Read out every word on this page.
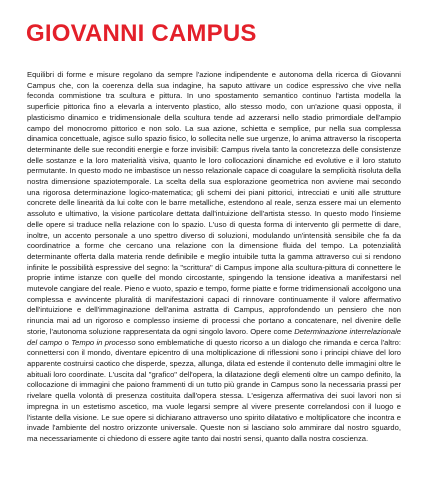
GIOVANNI CAMPUS

Equilibri di forme e misure regolano da sempre l'azione indipendente e autonoma della ricerca di Giovanni Campus che, con la coerenza della sua indagine, ha saputo attivare un codice espressivo che vive nella feconda commistione tra scultura e pittura. In uno spostamento semantico continuo l'artista modella la superficie pittorica fino a elevarla a intervento plastico, allo stesso modo, con un'azione quasi opposta, il plasticismo dinamico e tridimensionale della scultura tende ad azzerarsi nello stadio primordiale dell'ampio campo del monocromo pittorico e non solo. La sua azione, schietta e semplice, pur nella sua complessa dinamica concettuale, agisce sullo spazio fisico, lo sollecita nelle sue urgenze, lo anima attraverso la riscoperta determinante delle sue reconditi energie e forze invisibili: Campus rivela tanto la concretezza delle consistenze delle sostanze e la loro materialità visiva, quanto le loro collocazioni dinamiche ed evolutive e il loro statuto permutante. In questo modo ne imbastisce un nesso relazionale capace di coagulare la semplicità risoluta della nostra dimensione spaziotemporale. La scelta della sua esplorazione geometrica non avviene mai secondo una rigorosa determinazione logico-matematica; gli schemi dei piani pittorici, intrecciati e uniti alle strutture concrete delle linearità da lui colte con le barre metalliche, estendono al reale, senza essere mai un elemento assoluto e ultimativo, la visione particolare dettata dall'intuizione dell'artista stesso. In questo modo l'insieme delle opere si traduce nella relazione con lo spazio. L'uso di questa forma di intervento gli permette di dare, inoltre, un accento personale a uno spettro diverso di soluzioni, modulando un'intensità sensibile che fa da coordinatrice a forme che cercano una relazione con la dimensione fluida del tempo. La potenzialità determinante offerta dalla materia rende definibile e meglio intuibile tutta la gamma attraverso cui si rendono infinite le possibilità espressive del segno: la "scrittura" di Campus impone alla scultura-pittura di connettere le proprie intime istanze con quelle del mondo circostante, spingendo la tensione ideativa a manifestarsi nel mutevole cangiare del reale. Pieno e vuoto, spazio e tempo, forme piatte e forme tridimensionali accolgono una complessa e avvincente pluralità di manifestazioni capaci di rinnovare continuamente il valore affermativo dell'intuizione e dell'immaginazione dell'anima astratta di Campus, approfondendo un pensiero che non rinuncia mai ad un rigoroso e complesso insieme di processi che portano a concatenare, nel divenire delle storie, l'autonoma soluzione rappresentata da ogni singolo lavoro. Opere come Determinazione interrelazionale del campo o Tempo in processo sono emblematiche di questo ricorso a un dialogo che rimanda e cerca l'altro: connettersi con il mondo, diventare epicentro di una moltiplicazione di riflessioni sono i principi chiave del loro apparente costruirsi caotico che disperde, spezza, allunga, dilata ed estende il contenuto delle immagini oltre le abituali loro coordinate. L'uscita dal "grafico" dell'opera, la dilatazione degli elementi oltre un campo definito, la collocazione di immagini che paiono frammenti di un tutto più grande in Campus sono la necessaria prassi per rivelare quella volontà di presenza costituita dall'opera stessa. L'esigenza affermativa dei suoi lavori non si impregna in un estetismo ascetico, ma vuole legarsi sempre al vivere presente correlandosi con il luogo e l'istante della visione. Le sue opere si dichiarano attraverso uno spirito dilatativo e moltiplicatore che incontra e invade l'ambiente del nostro orizzonte universale. Queste non si lasciano solo ammirare dal nostro sguardo, ma necessariamente ci chiedono di essere agite tanto dai nostri sensi, quanto dalla nostra coscienza.
